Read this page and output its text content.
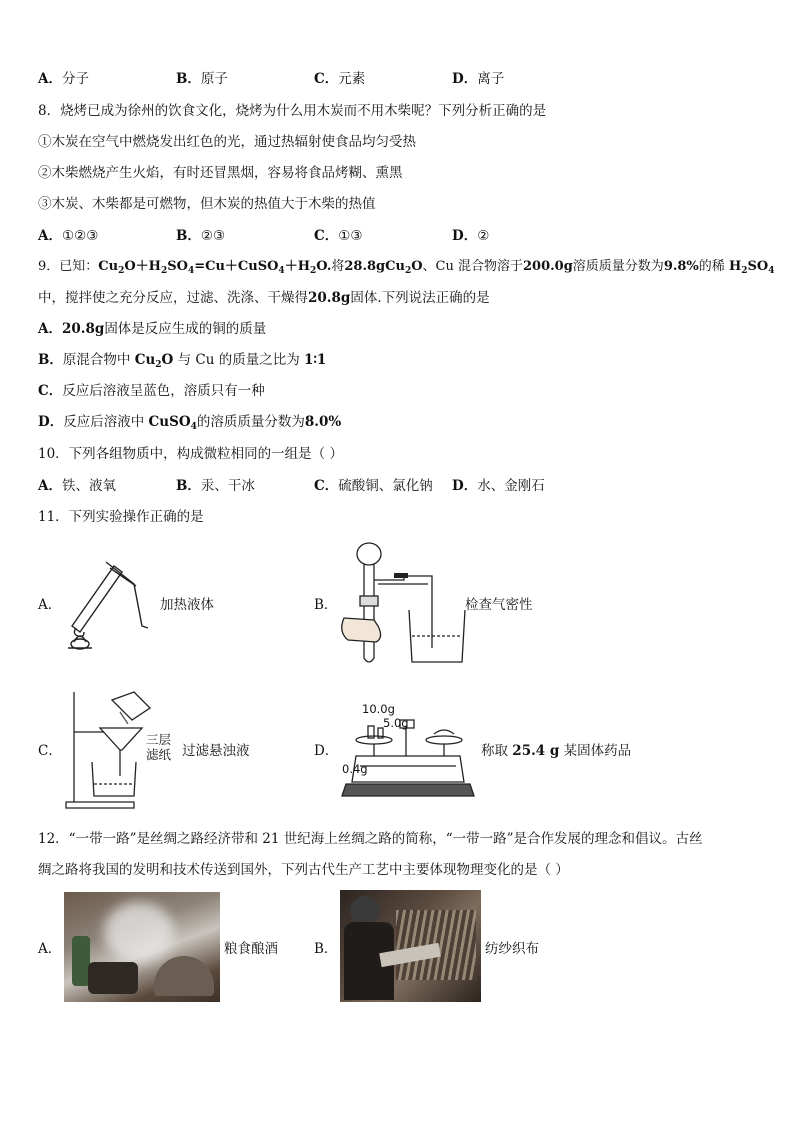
A．分子	B．原子	C．元素	D．离子
8．烧烤已成为徐州的饮食文化，烧烤为什么用木炭而不用木柴呢？下列分析正确的是
①木炭在空气中燃烧发出红色的光，通过热辐射使食品均匀受热
②木柴燃烧产生火焰，有时还冒黑烟，容易将食品烤糊、熏黑
③木炭、木柴都是可燃物，但木炭的热值大于木柴的热值
A．①②③	B．②③	C．①③	D．②
9．已知：$Cu_2O+H_2SO_4=Cu+CuSO_4+H_2O$.将28.8gCu$_2$O、Cu 混合物溶于200.0g溶质质量分数为9.8%的稀 $H_2SO_4$
中，搅拌使之充分反应，过滤、洗涤、干燥得20.8g固体.下列说法正确的是
A．20.8g固体是反应生成的铜的质量
B．原混合物中 $Cu_2O$ 与 Cu 的质量之比为 1∶1
C．反应后溶液呈蓝色，溶质只有一种
D．反应后溶液中 CuSO$_4$的溶质质量分数为8.0%
10．下列各组物质中，构成微粒相同的一组是（ ）
A．铁、液氧	B．汞、干冰	C．硫酸铜、氯化钠 D．水、金刚石
11．下列实验操作正确的是
A．	加热液体	B．	检查气密性
C．
三层
滤纸 过滤悬浊液	D．
10.0g
5.0g
0.4g
称取 25.4 g 某固体药品
12．“一带一路”是丝绸之路经济带和 21 世纪海上丝绸之路的简称，“一带一路”是合作发展的理念和倡议。古丝
绸之路将我国的发明和技术传送到国外，下列古代生产工艺中主要体现物理变化的是（ ）
A．	粮食酿酒	B．	纺纱织布
